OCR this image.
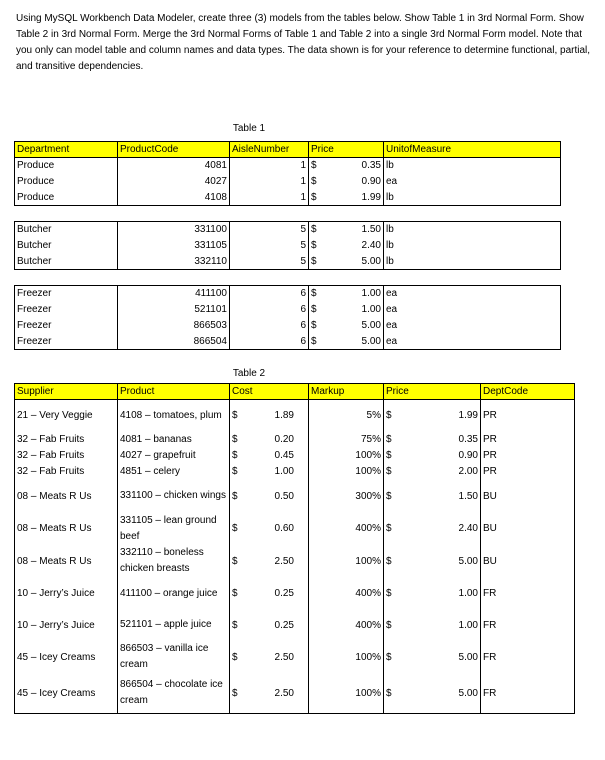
Using MySQL Workbench Data Modeler, create three (3) models from the tables below. Show Table 1 in 3rd Normal Form. Show Table 2 in 3rd Normal Form. Merge the 3rd Normal Forms of Table 1 and Table 2 into a single 3rd Normal Form model. Note that you only can model table and column names and data types. The data shown is for your reference to determine functional, partial, and transitive dependencies.
Table 1
Department	ProductCode	AisleNumber	Price	UnitofMeasure
Produce	4081	1	$ 0.35	lb
Produce	4027	1	$ 0.90	ea
Produce	4108	1	$ 1.99	lb

Butcher	331100	5	$ 1.50	lb
Butcher	331105	5	$ 2.40	lb
Butcher	332110	5	$ 5.00	lb

Freezer	411100	6	$ 1.00	ea
Freezer	521101	6	$ 1.00	ea
Freezer	866503	6	$ 5.00	ea
Freezer	866504	6	$ 5.00	ea
Table 2
Supplier	Product	Cost	Markup	Price	DeptCode
21 – Very Veggie	4108 – tomatoes, plum	$ 1.89	5%	$ 1.99	PR
32 – Fab Fruits	4081 – bananas	$ 0.20	75%	$ 0.35	PR
32 – Fab Fruits	4027 – grapefruit	$ 0.45	100%	$ 0.90	PR
32 – Fab Fruits	4851 – celery	$ 1.00	100%	$ 2.00	PR
08 – Meats R Us	331100 – chicken wings	$ 0.50	300%	$ 1.50	BU
08 – Meats R Us	331105 – lean ground beef	$ 0.60	400%	$ 2.40	BU
08 – Meats R Us	332110 – boneless chicken breasts	$ 2.50	100%	$ 5.00	BU
10 – Jerry’s Juice	411100 – orange juice	$ 0.25	400%	$ 1.00	FR
10 – Jerry’s Juice	521101 – apple juice	$ 0.25	400%	$ 1.00	FR
45 – Icey Creams	866503 – vanilla ice cream	$ 2.50	100%	$ 5.00	FR
45 – Icey Creams	866504 – chocolate ice cream	$ 2.50	100%	$ 5.00	FR
